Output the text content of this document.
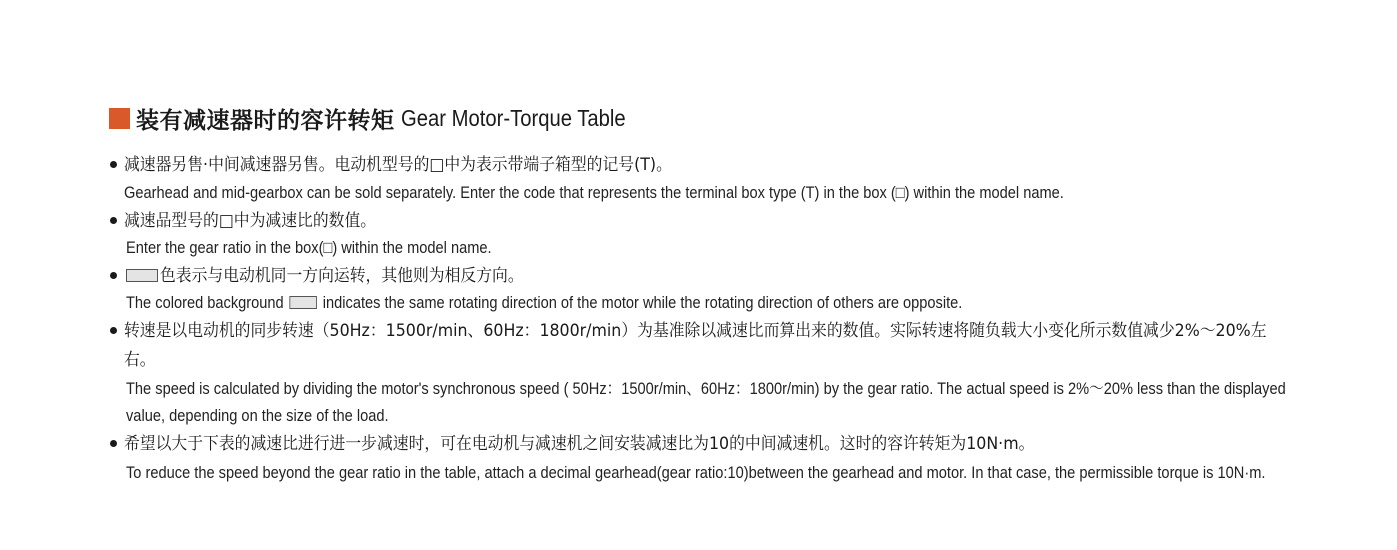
装有减速器时的容许转矩 Gear Motor-Torque Table
减速器另售·中间减速器另售。电动机型号的□中为表示带端子箱型的记号(T)。
Gearhead and mid-gearbox can be sold separately. Enter the code that represents the terminal box type (T) in the box (□) within the model name.
减速品型号的□中为减速比的数值。
Enter the gear ratio in the box(□) within the model name.
色表示与电动机同一方向运转，其他则为相反方向。
The colored background indicates the same rotating direction of the motor while the rotating direction of others are opposite.
转速是以电动机的同步转速（50Hz：1500r/min、60Hz：1800r/min）为基准除以减速比而算出来的数值。实际转速将随负载大小变化所示数值减少2%～20%左
右。
The speed is calculated by dividing the motor's synchronous speed ( 50Hz：1500r/min、60Hz：1800r/min) by the gear ratio. The actual speed is 2%～20% less than the displayed
value, depending on the size of the load.
希望以大于下表的减速比进行进一步减速时，可在电动机与减速机之间安装减速比为10的中间减速机。这时的容许转矩为10N·m。
To reduce the speed beyond the gear ratio in the table, attach a decimal gearhead(gear ratio:10)between the gearhead and motor. In that case, the permissible torque is 10N·m.
